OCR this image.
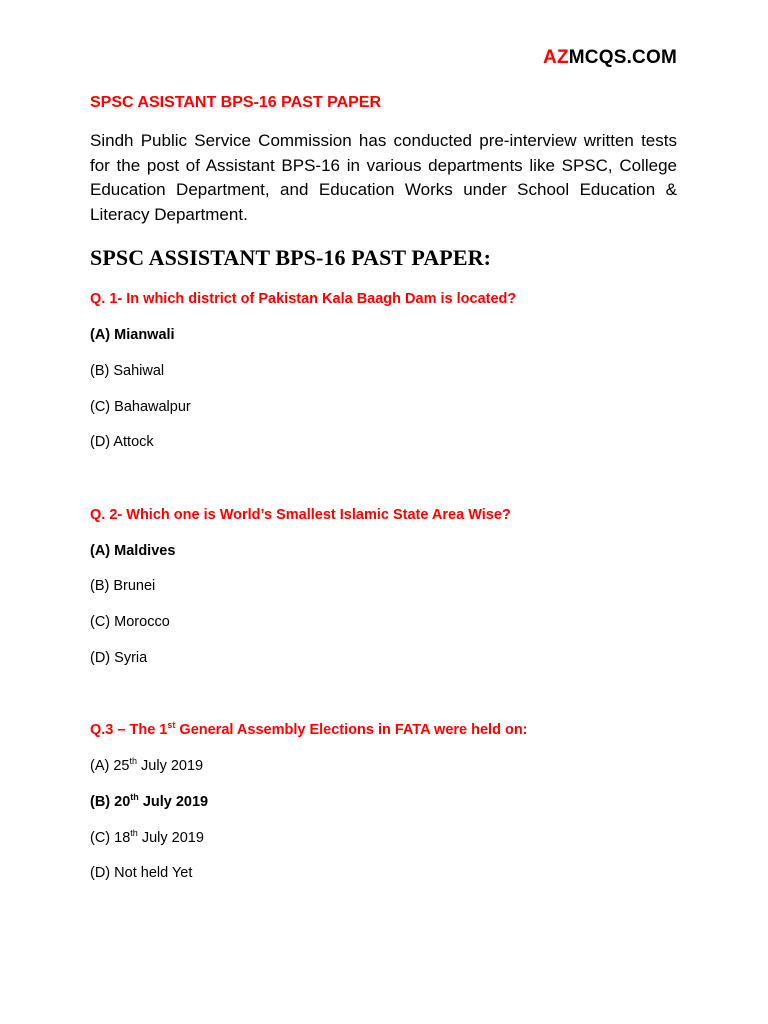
AZMCQS.COM
SPSC ASISTANT BPS-16 PAST PAPER

Sindh Public Service Commission has conducted pre-interview written tests for the post of Assistant BPS-16 in various departments like SPSC, College Education Department, and Education Works under School Education & Literacy Department.

SPSC ASSISTANT BPS-16 PAST PAPER:
Q. 1- In which district of Pakistan Kala Baagh Dam is located?
(A) Mianwali
(B) Sahiwal
(C) Bahawalpur
(D) Attock
Q. 2- Which one is World’s Smallest Islamic State Area Wise?
(A) Maldives
(B) Brunei
(C) Morocco
(D) Syria
Q.3 – The 1st General Assembly Elections in FATA were held on:
(A) 25th July 2019
(B) 20th July 2019
(C) 18th July 2019
(D) Not held Yet
